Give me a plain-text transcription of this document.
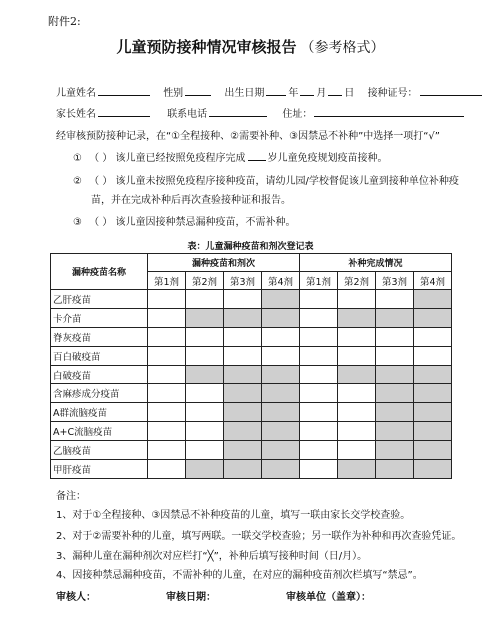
附件2:
儿童预防接种情况审核报告 （参考格式）
儿童姓名	性别	出生日期 年 月 日 接种证号：
家长姓名	联系电话	住址：
经审核预防接种记录，在“①全程接种、②需要补种、③因禁忌不补种”中选择一项打“√”
① （ ） 该儿童已经按照免疫程序完成 岁儿童免疫规划疫苗接种。
② （ ） 该儿童未按照免疫程序接种疫苗，请幼儿园/学校督促该儿童到接种单位补种疫
苗，并在完成补种后再次查验接种证和报告。
③ （ ） 该儿童因接种禁忌漏种疫苗，不需补种。
表：儿童漏种疫苗和剂次登记表
漏种疫苗名称	漏种疫苗和剂次				补种完成情况			
	第1剂	第2剂	第3剂	第4剂	第1剂	第2剂	第3剂	第4剂
乙肝疫苗								
卡介苗								
脊灰疫苗								
百白破疫苗								
白破疫苗								
含麻疹成分疫苗								
A群流脑疫苗								
A+C流脑疫苗								
乙脑疫苗								
甲肝疫苗								
备注：
1、对于①全程接种、③因禁忌不补种疫苗的儿童，填写一联由家长交学校查验。
2、对于②需要补种的儿童，填写两联。一联交学校查验；另一联作为补种和再次查验凭证。
3、漏种儿童在漏种剂次对应栏打“╳”，补种后填写接种时间（日/月）。
4、因接种禁忌漏种疫苗，不需补种的儿童，在对应的漏种疫苗剂次栏填写“禁忌”。
审核人：	审核日期：	审核单位（盖章）：
